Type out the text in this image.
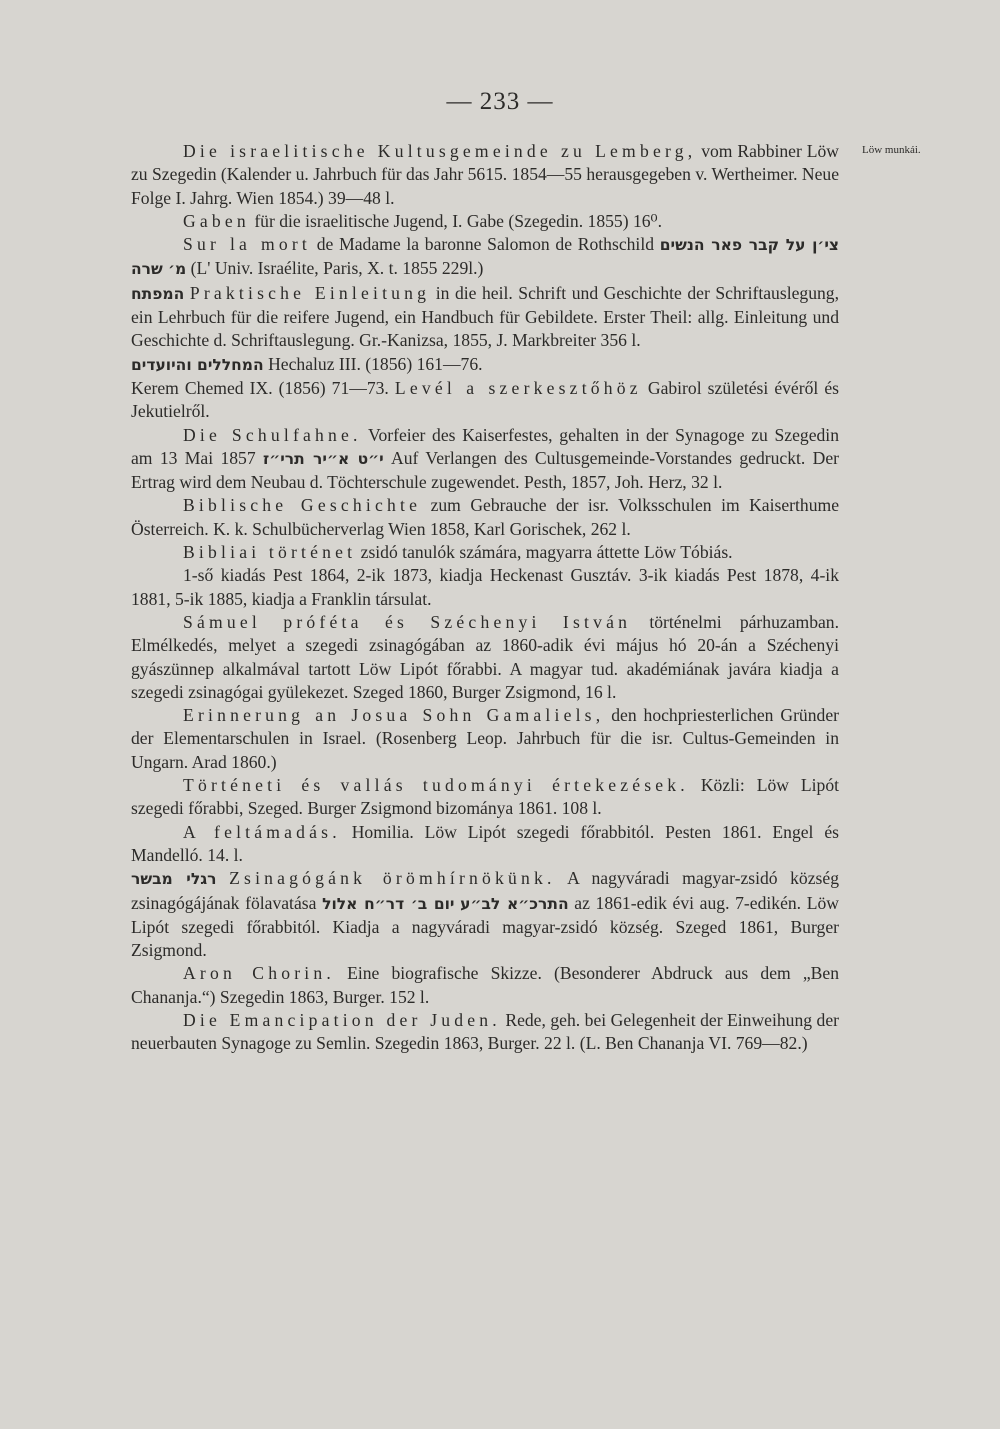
— 233 —
Löw munkái.

Die israelitische Kultusgemeinde zu Lemberg, vom Rabbiner Löw zu Szegedin (Kalender u. Jahrbuch für das Jahr 5615. 1854—55 herausgegeben v. Wertheimer. Neue Folge I. Jahrg. Wien 1854.) 39—48 l.

Gaben für die israelitische Jugend, I. Gabe (Szegedin. 1855) 16⁰.

Sur la mort de Madame la baronne Salomon de Rothschild צי׳ן על קבר פאר הנשים מ׳ שרה (L' Univ. Israélite, Paris, X. t. 1855 229l.)

המפתח Praktische Einleitung in die heil. Schrift und Geschichte der Schriftauslegung, ein Lehrbuch für die reifere Jugend, ein Handbuch für Gebildete. Erster Theil: allg. Einleitung und Geschichte d. Schriftauslegung. Gr.-Kanizsa, 1855, J. Markbreiter 356 l.

המחללים והיועדים Hechaluz III. (1856) 161—76.
Kerem Chemed IX. (1856) 71—73. Levél a szerkesztőhöz Gabirol születési évéről és Jekutielről.

Die Schulfahne. Vorfeier des Kaiserfestes, gehalten in der Synagoge zu Szegedin am 13 Mai 1857 י״ט א״יר תרי״ז Auf Verlangen des Cultusgemeinde-Vorstandes gedruckt. Der Ertrag wird dem Neubau d. Töchterschule zugewendet. Pesth, 1857, Joh. Herz, 32 l.

Biblische Geschichte zum Gebrauche der isr. Volksschulen im Kaiserthume Österreich. K. k. Schulbücherverlag Wien 1858, Karl Gorischek, 262 l.

Bibliai történet zsidó tanulók számára, magyarra áttette Löw Tóbiás.

1-ső kiadás Pest 1864, 2-ik 1873, kiadja Heckenast Gusztáv. 3-ik kiadás Pest 1878, 4-ik 1881, 5-ik 1885, kiadja a Franklin társulat.

Sámuel próféta és Széchenyi István történelmi párhuzamban. Elmélkedés, melyet a szegedi zsinagógában az 1860-adik évi május hó 20-án a Széchenyi gyászünnep alkalmával tartott Löw Lipót főrabbi. A magyar tud. akadémiának javára kiadja a szegedi zsinagógai gyülekezet. Szeged 1860, Burger Zsigmond, 16 l.

Erinnerung an Josua Sohn Gamaliels, den hochpriesterlichen Gründer der Elementarschulen in Israel. (Rosenberg Leop. Jahrbuch für die isr. Cultus-Gemeinden in Ungarn. Arad 1860.)

Történeti és vallás tudományi értekezések. Közli: Löw Lipót szegedi főrabbi, Szeged. Burger Zsigmond bizománya 1861. 108 l.

A feltámadás. Homilia. Löw Lipót szegedi főrabbitól. Pesten 1861. Engel és Mandelló. 14. l.

רגלי מבשר Zsinagógánk örömhírnökünk. A nagyváradi magyar-zsidó község zsinagógájának fölavatása יום ב׳ דר״ח אלול התרכ״א לב״ע az 1861-edik évi aug. 7-edikén. Löw Lipót szegedi főrabbitól. Kiadja a nagyváradi magyar-zsidó község. Szeged 1861, Burger Zsigmond.

Aron Chorin. Eine biografische Skizze. (Besonderer Abdruck aus dem „Ben Chananja.“) Szegedin 1863, Burger. 152 l.

Die Emancipation der Juden. Rede, geh. bei Gelegenheit der Einweihung der neuerbauten Synagoge zu Semlin. Szegedin 1863, Burger. 22 l. (L. Ben Chananja VI. 769—82.)
